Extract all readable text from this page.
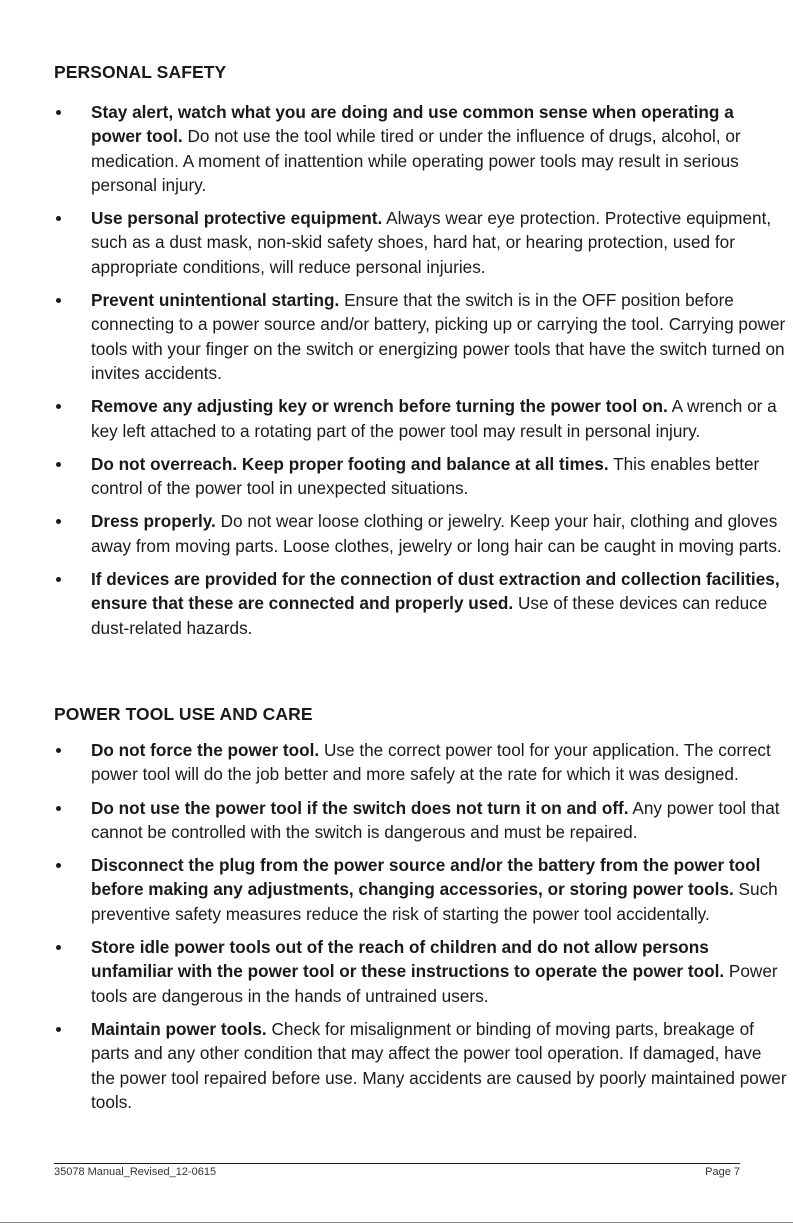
PERSONAL SAFETY
Stay alert, watch what you are doing and use common sense when operating a power tool. Do not use the tool while tired or under the influence of drugs, alcohol, or medication. A moment of inattention while operating power tools may result in serious personal injury.
Use personal protective equipment. Always wear eye protection. Protective equipment, such as a dust mask, non-skid safety shoes, hard hat, or hearing protection, used for appropriate conditions, will reduce personal injuries.
Prevent unintentional starting. Ensure that the switch is in the OFF position before connecting to a power source and/or battery, picking up or carrying the tool. Carrying power tools with your finger on the switch or energizing power tools that have the switch turned on invites accidents.
Remove any adjusting key or wrench before turning the power tool on. A wrench or a key left attached to a rotating part of the power tool may result in personal injury.
Do not overreach. Keep proper footing and balance at all times. This enables better control of the power tool in unexpected situations.
Dress properly. Do not wear loose clothing or jewelry. Keep your hair, clothing and gloves away from moving parts. Loose clothes, jewelry or long hair can be caught in moving parts.
If devices are provided for the connection of dust extraction and collection facilities, ensure that these are connected and properly used. Use of these devices can reduce dust-related hazards.
POWER TOOL USE AND CARE
Do not force the power tool. Use the correct power tool for your application. The correct power tool will do the job better and more safely at the rate for which it was designed.
Do not use the power tool if the switch does not turn it on and off. Any power tool that cannot be controlled with the switch is dangerous and must be repaired.
Disconnect the plug from the power source and/or the battery from the power tool before making any adjustments, changing accessories, or storing power tools. Such preventive safety measures reduce the risk of starting the power tool accidentally.
Store idle power tools out of the reach of children and do not allow persons unfamiliar with the power tool or these instructions to operate the power tool. Power tools are dangerous in the hands of untrained users.
Maintain power tools. Check for misalignment or binding of moving parts, breakage of parts and any other condition that may affect the power tool operation. If damaged, have the power tool repaired before use. Many accidents are caused by poorly maintained power tools.
35078 Manual_Revised_12-0615	Page 7
